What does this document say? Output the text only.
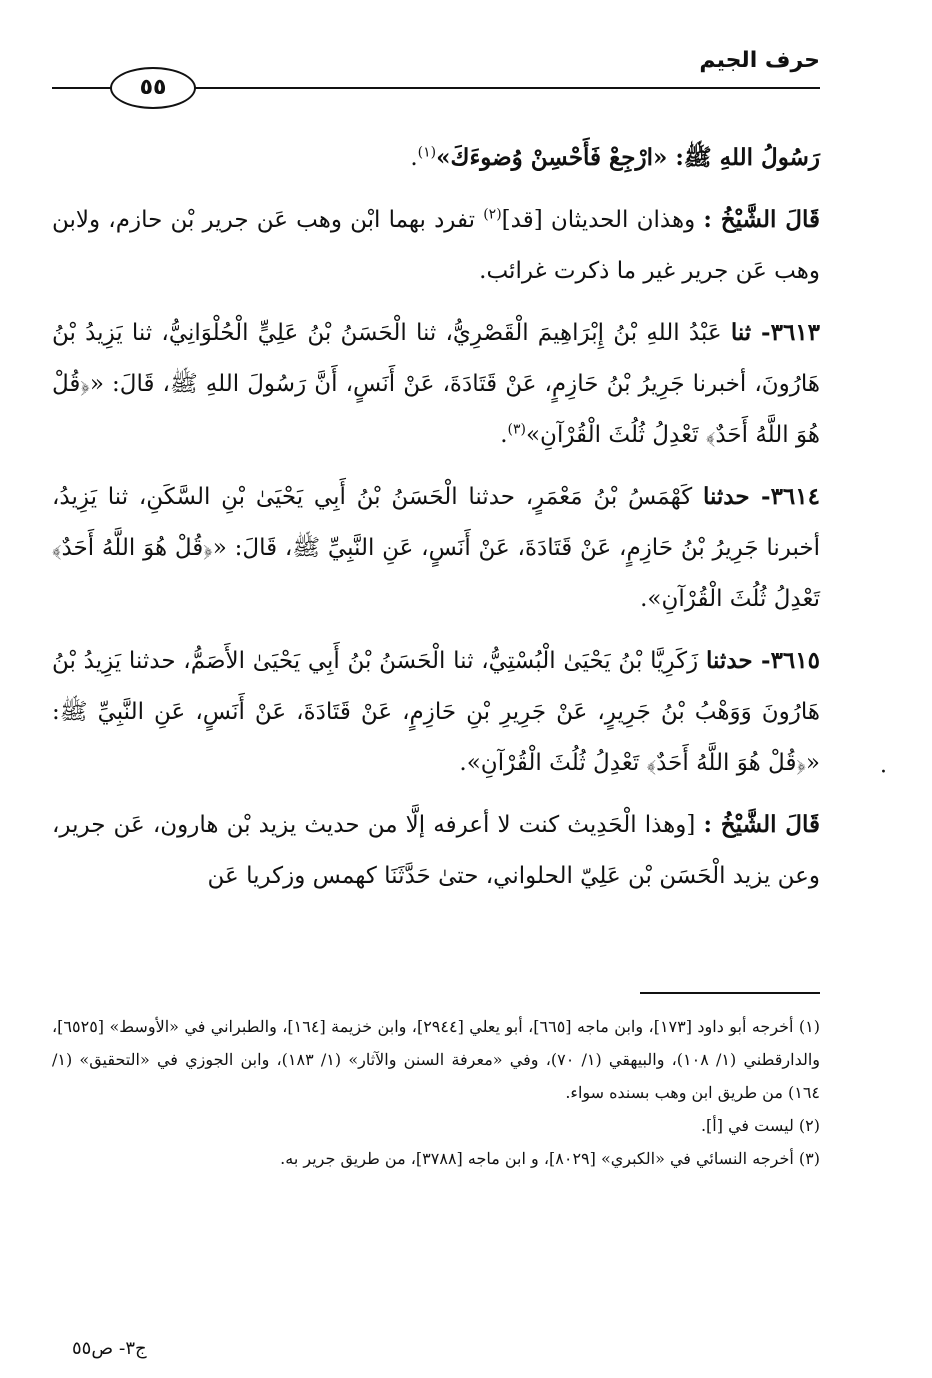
حرف الجيم
٥٥

رَسُولُ اللهِ ﷺ: «ارْجِعْ فَأَحْسِنْ وُضوءَكَ»$^{(١)}$.

قَالَ الشَّيْخُ : وهذان الحديثان [قد]$^{(٢)}$ تفرد بهما ابْن وهب عَن جرير بْن حازم، ولابن وهب عَن جرير غير ما ذكرت غرائب.

٣٦١٣- ثنا عَبْدُ اللهِ بْنُ إِبْرَاهِيمَ الْقَصْرِيُّ، ثنا الْحَسَنُ بْنُ عَلِيٍّ الْحُلْوَانِيُّ، ثنا يَزِيدُ بْنُ هَارُونَ، أخبرنا جَرِيرُ بْنُ حَازِمٍ، عَنْ قَتَادَةَ، عَنْ أَنَسٍ، أَنَّ رَسُولَ اللهِ ﷺ، قَالَ: «﴿قُلْ هُوَ اللَّهُ أَحَدٌ﴾ تَعْدِلُ ثُلُثَ الْقُرْآنِ»$^{(٣)}$.

٣٦١٤- حدثنا كَهْمَسُ بْنُ مَعْمَرٍ، حدثنا الْحَسَنُ بْنُ أَبِي يَحْيَىٰ بْنِ السَّكَنِ، ثنا يَزِيدُ، أخبرنا جَرِيرُ بْنُ حَازِمٍ، عَنْ قَتَادَةَ، عَنْ أَنَسٍ، عَنِ النَّبِيِّ ﷺ، قَالَ: «﴿قُلْ هُوَ اللَّهُ أَحَدٌ﴾ تَعْدِلُ ثُلُثَ الْقُرْآنِ».

٣٦١٥- حدثنا زَكَرِيَّا بْنُ يَحْيَىٰ الْبُسْتِيُّ، ثنا الْحَسَنُ بْنُ أَبِي يَحْيَىٰ الأَصَمُّ، حدثنا يَزِيدُ بْنُ هَارُونَ وَوَهْبُ بْنُ جَرِيرٍ، عَنْ جَرِيرِ بْنِ حَازِمٍ، عَنْ قَتَادَةَ، عَنْ أَنَسٍ، عَنِ النَّبِيِّ ﷺ: «﴿قُلْ هُوَ اللَّهُ أَحَدٌ﴾ تَعْدِلُ ثُلُثَ الْقُرْآنِ».

قَالَ الشَّيْخُ : [وهذا الْحَدِيث كنت لا أعرفه إلَّا من حديث يزيد بْن هارون، عَن جرير، وعن يزيد الْحَسَن بْن عَلِيّ الحلواني، حتىٰ حَدَّثَنَا كهمس وزكريا عَن

·

(١) أخرجه أبو داود [١٧٣]، وابن ماجه [٦٦٥]، أبو يعلي [٢٩٤٤]، وابن خزيمة [١٦٤]، والطبراني في «الأوسط» [٦٥٢٥]، والدارقطني (١/ ١٠٨)، والبيهقي (١/ ٧٠)، وفي «معرفة السنن والآثار» (١/ ١٨٣)، وابن الجوزي في «التحقيق» (١/ ١٦٤) من طريق ابن وهب بسنده سواء.

(٢) ليست في [أ].

(٣) أخرجه النسائي في «الكبري» [٨٠٢٩]، و ابن ماجه [٣٧٨٨]، من طريق جرير به.

ج٣- ص٥٥
